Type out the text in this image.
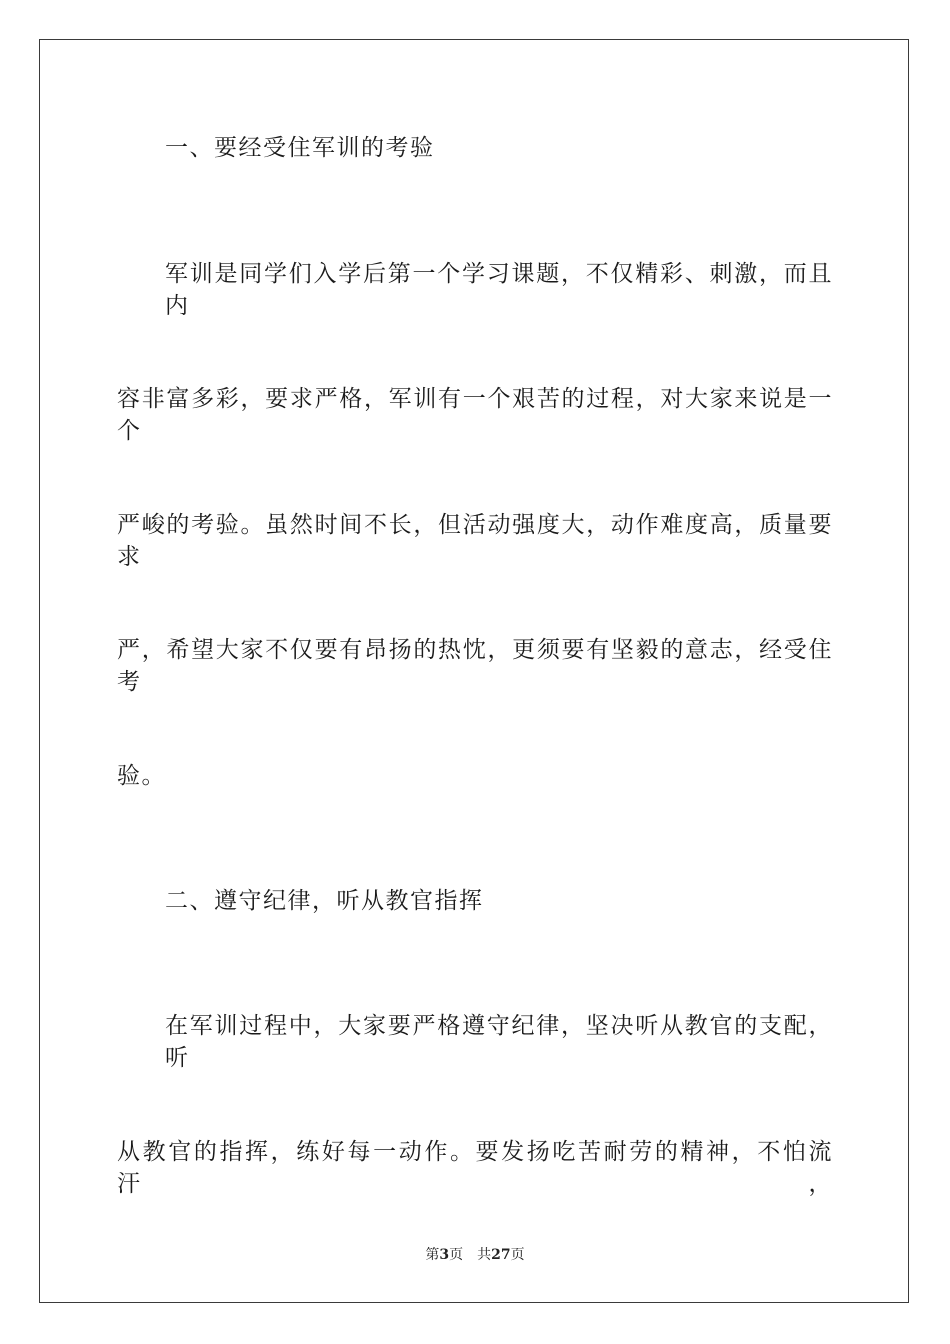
一、要经受住军训的考验
军训是同学们入学后第一个学习课题，不仅精彩、刺激，而且内
容非富多彩，要求严格，军训有一个艰苦的过程，对大家来说是一个
严峻的考验。虽然时间不长，但活动强度大，动作难度高，质量要求
严，希望大家不仅要有昂扬的热忱，更须要有坚毅的意志，经受住考
验。
二、遵守纪律，听从教官指挥
在军训过程中，大家要严格遵守纪律，坚决听从教官的支配，听
从教官的指挥，练好每一动作。要发扬吃苦耐劳的精神，不怕流汗，
第3页 共27页
